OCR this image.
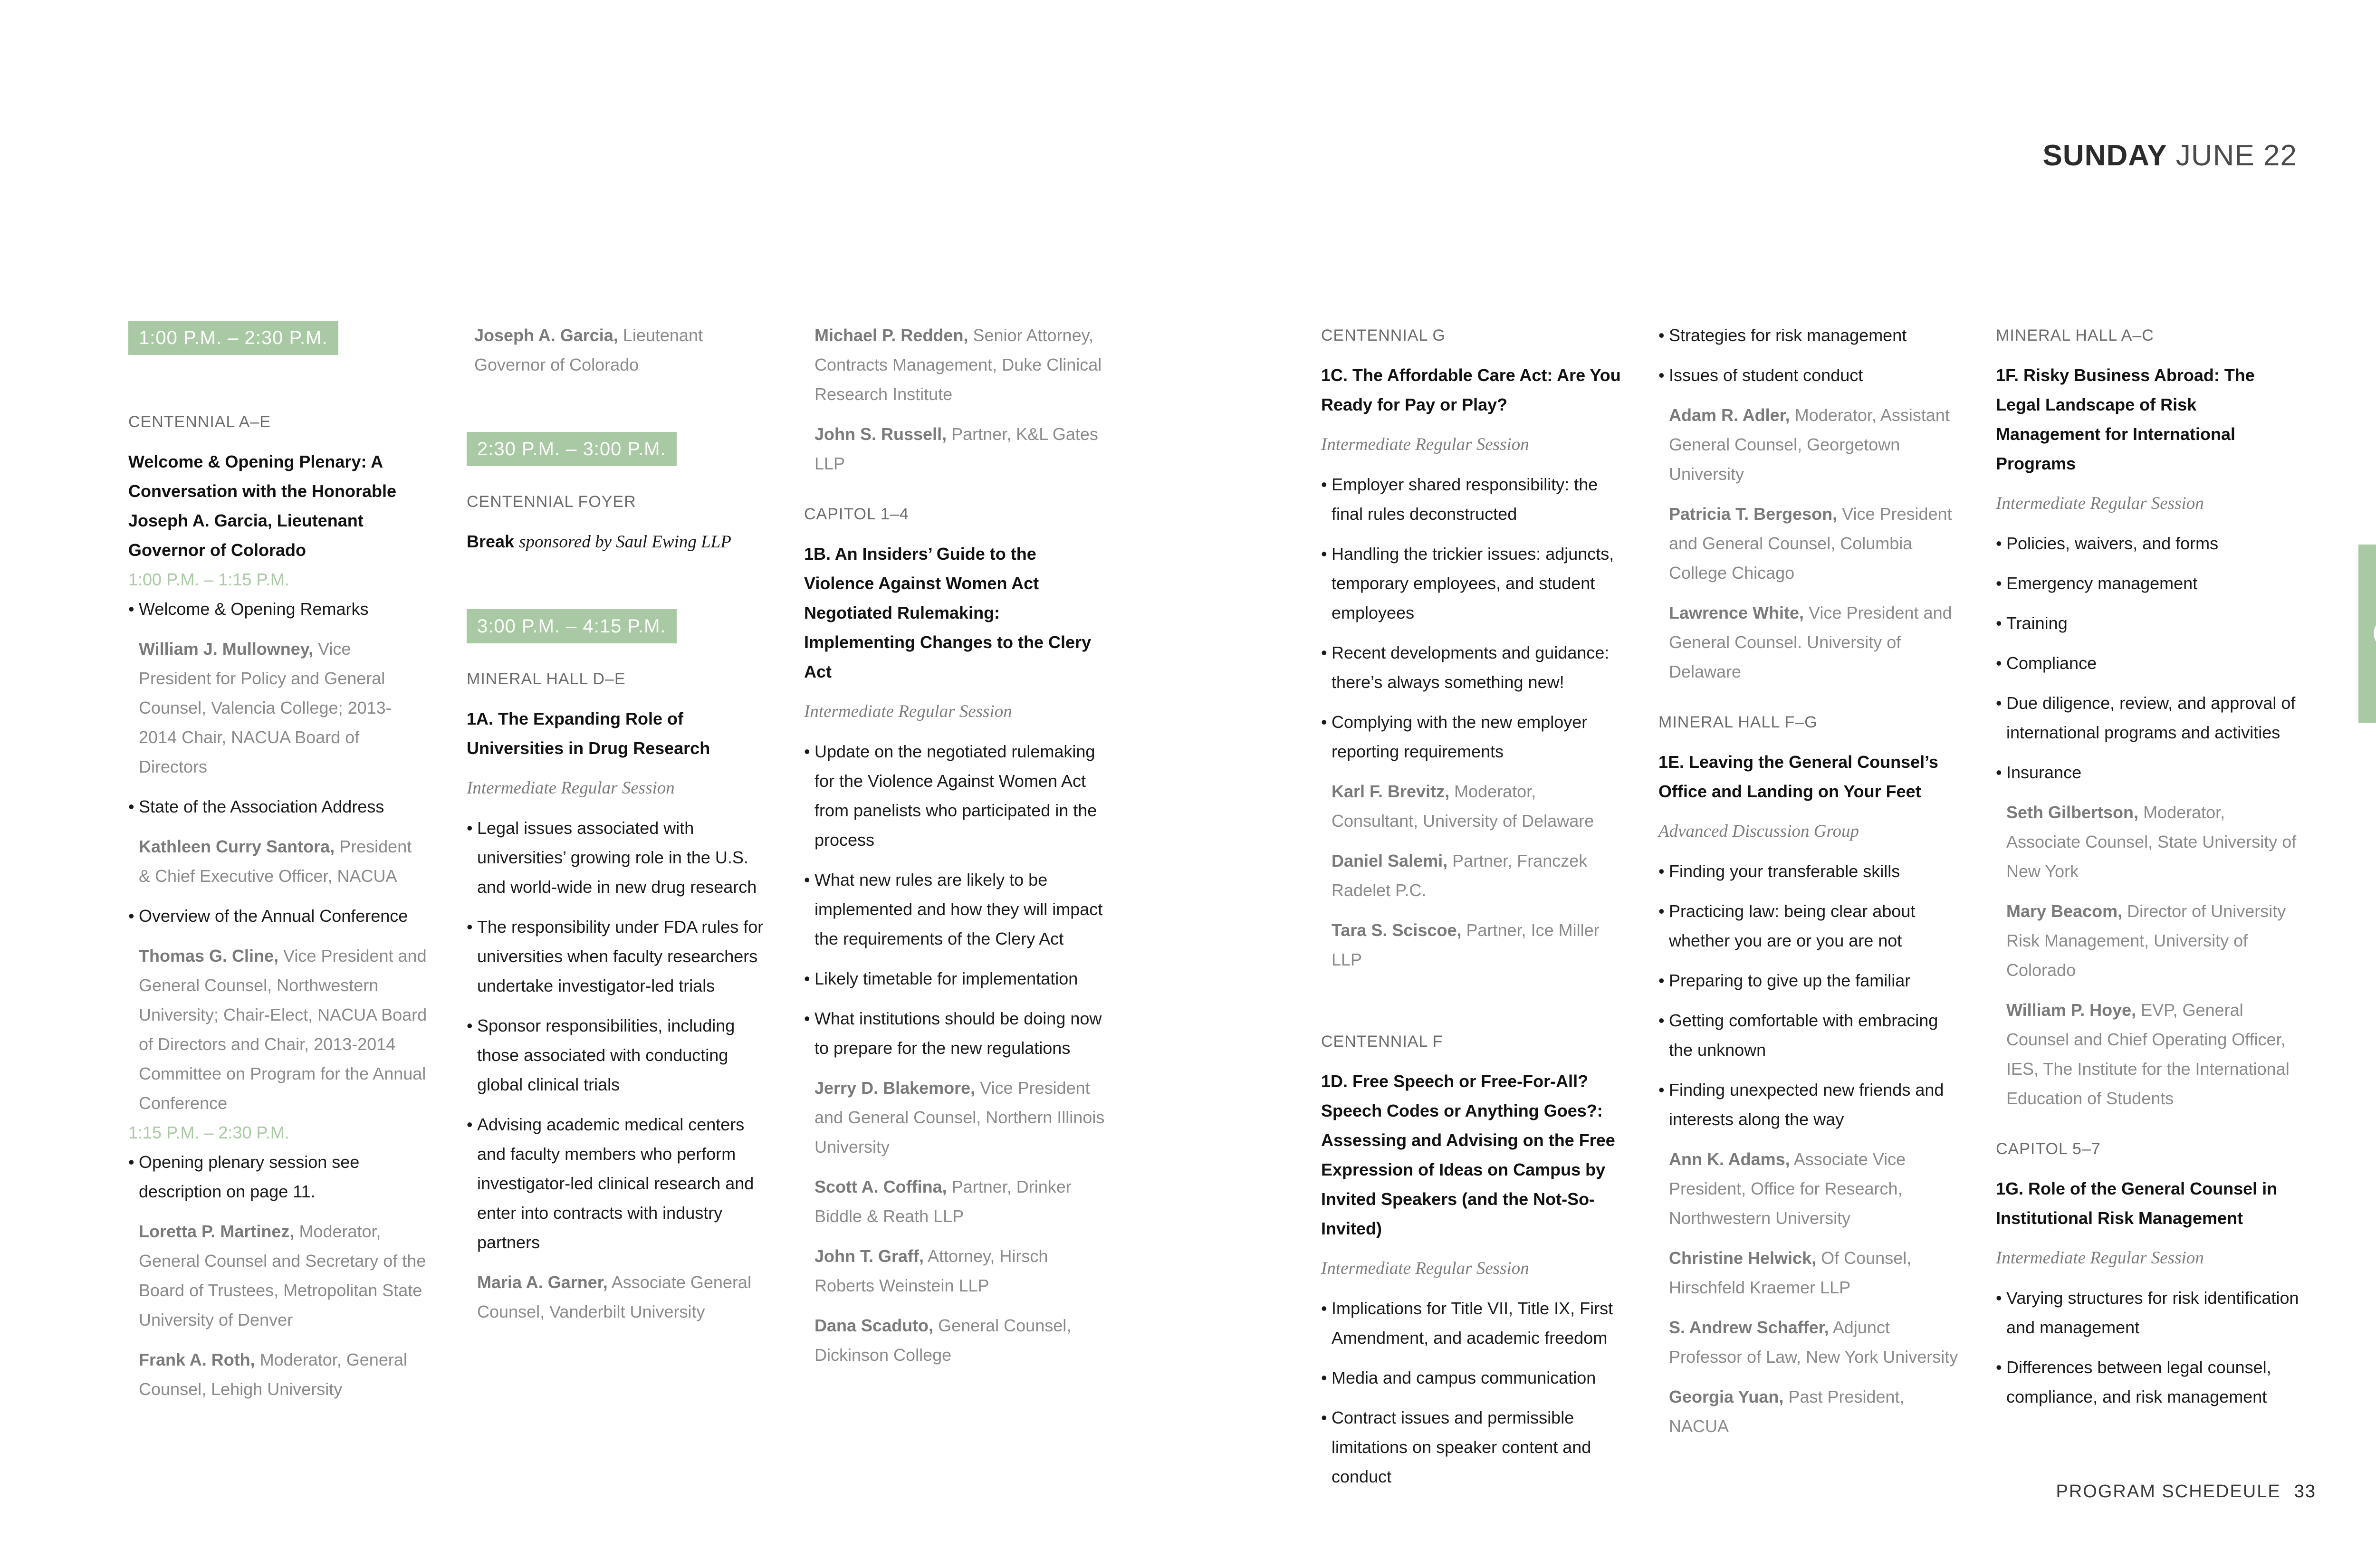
SUNDAY JUNE 22
1:00 P.M. – 2:30 P.M.
CENTENNIAL A–E
Welcome & Opening Plenary: A Conversation with the Honorable Joseph A. Garcia, Lieutenant Governor of Colorado
1:00 P.M. – 1:15 P.M.
• Welcome & Opening Remarks
William J. Mullowney, Vice President for Policy and General Counsel, Valencia College; 2013-2014 Chair, NACUA Board of Directors
• State of the Association Address
Kathleen Curry Santora, President & Chief Executive Officer, NACUA
• Overview of the Annual Conference
Thomas G. Cline, Vice President and General Counsel, Northwestern University; Chair-Elect, NACUA Board of Directors and Chair, 2013-2014 Committee on Program for the Annual Conference
1:15 P.M. – 2:30 P.M.
• Opening plenary session see description on page 11.
Loretta P. Martinez, Moderator, General Counsel and Secretary of the Board of Trustees, Metropolitan State University of Denver
Frank A. Roth, Moderator, General Counsel, Lehigh University
Joseph A. Garcia, Lieutenant Governor of Colorado
2:30 P.M. – 3:00 P.M.
CENTENNIAL FOYER
Break sponsored by Saul Ewing LLP
3:00 P.M. – 4:15 P.M.
MINERAL HALL D–E
1A. The Expanding Role of Universities in Drug Research
Intermediate Regular Session
• Legal issues associated with universities’ growing role in the U.S. and world-wide in new drug research
• The responsibility under FDA rules for universities when faculty researchers undertake investigator-led trials
• Sponsor responsibilities, including those associated with conducting global clinical trials
• Advising academic medical centers and faculty members who perform investigator-led clinical research and enter into contracts with industry partners
Maria A. Garner, Associate General Counsel, Vanderbilt University
Michael P. Redden, Senior Attorney, Contracts Management, Duke Clinical Research Institute
John S. Russell, Partner, K&L Gates LLP
CAPITOL 1–4
1B. An Insiders’ Guide to the Violence Against Women Act Negotiated Rulemaking: Implementing Changes to the Clery Act
Intermediate Regular Session
• Update on the negotiated rulemaking for the Violence Against Women Act from panelists who participated in the process
• What new rules are likely to be implemented and how they will impact the requirements of the Clery Act
• Likely timetable for implementation
• What institutions should be doing now to prepare for the new regulations
Jerry D. Blakemore, Vice President and General Counsel, Northern Illinois University
Scott A. Coffina, Partner, Drinker Biddle & Reath LLP
John T. Graff, Attorney, Hirsch Roberts Weinstein LLP
Dana Scaduto, General Counsel, Dickinson College
CENTENNIAL G
1C. The Affordable Care Act: Are You Ready for Pay or Play?
Intermediate Regular Session
• Employer shared responsibility: the final rules deconstructed
• Handling the trickier issues: adjuncts, temporary employees, and student employees
• Recent developments and guidance: there’s always something new!
• Complying with the new employer reporting requirements
Karl F. Brevitz, Moderator, Consultant, University of Delaware
Daniel Salemi, Partner, Franczek Radelet P.C.
Tara S. Sciscoe, Partner, Ice Miller LLP
CENTENNIAL F
1D. Free Speech or Free-For-All? Speech Codes or Anything Goes?: Assessing and Advising on the Free Expression of Ideas on Campus by Invited Speakers (and the Not-So-Invited)
Intermediate Regular Session
• Implications for Title VII, Title IX, First Amendment, and academic freedom
• Media and campus communication
• Contract issues and permissible limitations on speaker content and conduct
• Strategies for risk management
• Issues of student conduct
Adam R. Adler, Moderator, Assistant General Counsel, Georgetown University
Patricia T. Bergeson, Vice President and General Counsel, Columbia College Chicago
Lawrence White, Vice President and General Counsel. University of Delaware
MINERAL HALL F–G
1E. Leaving the General Counsel’s Office and Landing on Your Feet
Advanced Discussion Group
• Finding your transferable skills
• Practicing law: being clear about whether you are or you are not
• Preparing to give up the familiar
• Getting comfortable with embracing the unknown
• Finding unexpected new friends and interests along the way
Ann K. Adams, Associate Vice President, Office for Research, Northwestern University
Christine Helwick, Of Counsel, Hirschfeld Kraemer LLP
S. Andrew Schaffer, Adjunct Professor of Law, New York University
Georgia Yuan, Past President, NACUA
MINERAL HALL A–C
1F. Risky Business Abroad: The Legal Landscape of Risk Management for International Programs
Intermediate Regular Session
• Policies, waivers, and forms
• Emergency management
• Training
• Compliance
• Due diligence, review, and approval of international programs and activities
• Insurance
Seth Gilbertson, Moderator, Associate Counsel, State University of New York
Mary Beacom, Director of University Risk Management, University of Colorado
William P. Hoye, EVP, General Counsel and Chief Operating Officer, IES, The Institute for the International Education of Students
CAPITOL 5–7
1G. Role of the General Counsel in Institutional Risk Management
Intermediate Regular Session
• Varying structures for risk identification and management
• Differences between legal counsel, compliance, and risk management
PROGRAM SCHEDEULE 33
